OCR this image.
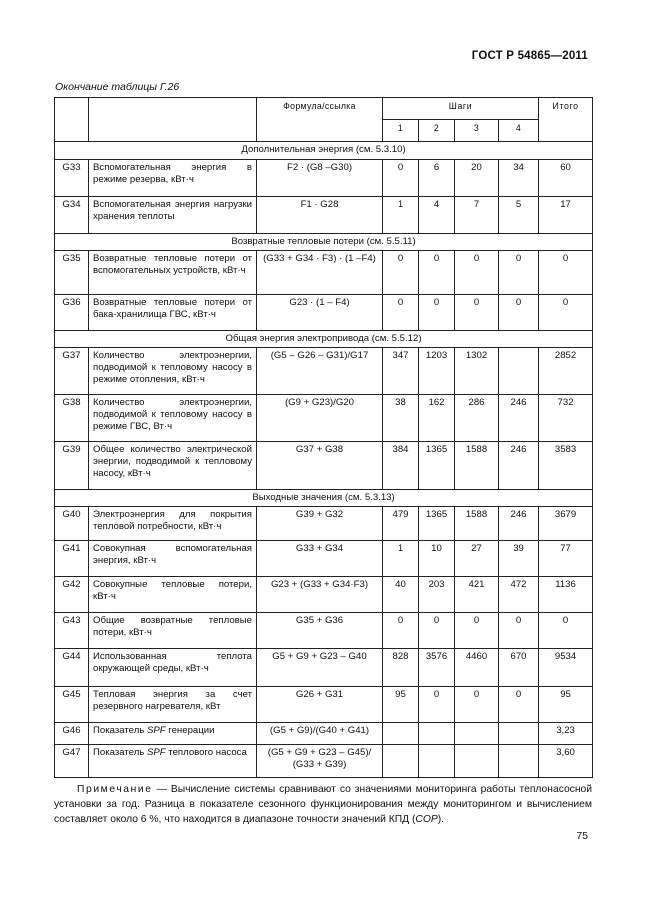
ГОСТ Р 54865—2011
Окончание таблицы Г.26
		Формула/ссылка	Шаги				Итого
			1	2	3	4	
Дополнительная энергия (см. 5.3.10)							
G33	Вспомогательная энергия в режиме резерва, кВт·ч	F2 · (G8 –G30)	0	6	20	34	60
G34	Вспомогательная энергия нагрузки хранения теплоты	F1 · G28	1	4	7	5	17
Возвратные тепловые потери (см. 5.5.11)							
G35	Возвратные тепловые потери от вспомогательных устройств, кВт·ч	(G33 + G34 · F3) · (1 –F4)	0	0	0	0	0
G36	Возвратные тепловые потери от бака-хранилища ГВС, кВт·ч	G23 · (1 – F4)	0	0	0	0	0
Общая энергия электропривода (см. 5.5.12)							
G37	Количество электроэнергии, подводимой к тепловому насосу в режиме отопления, кВт·ч	(G5 – G26 – G31)/G17	347	1203	1302		2852
G38	Количество электроэнергии, подводимой к тепловому насосу в режиме ГВС, Вт·ч	(G9 + G23)/G20	38	162	286	246	732
G39	Общее количество электрической энергии, подводимой к тепловому насосу, кВт·ч	G37 + G38	384	1365	1588	246	3583
Выходные значения (см. 5.3.13)							
G40	Электроэнергия для покрытия тепловой потребности, кВт·ч	G39 + G32	479	1365	1588	246	3679
G41	Совокупная вспомогательная энергия, кВт·ч	G33 + G34	1	10	27	39	77
G42	Совокупные тепловые потери, кВт·ч	G23 + (G33 + G34·F3)	40	203	421	472	1136
G43	Общие возвратные тепловые потери, кВт·ч	G35 + G36	0	0	0	0	0
G44	Использованная теплота окружающей среды, кВт·ч	G5 + G9 + G23 – G40	828	3576	4460	670	9534
G45	Тепловая энергия за счет резервного нагревателя, кВт	G26 + G31	95	0	0	0	95
G46	Показатель SPF генерации	(G5 + G9)/(G40 + G41)					3,23
G47	Показатель SPF теплового насоса	(G5 + G9 + G23 – G45)/ (G33 + G39)					3,60
Примечание — Вычисление системы сравнивают со значениями мониторинга работы теплонасосной установки за год. Разница в показателе сезонного функционирования между мониторингом и вычислением составляет около 6 %, что находится в диапазоне точности значений КПД (COP).
75
